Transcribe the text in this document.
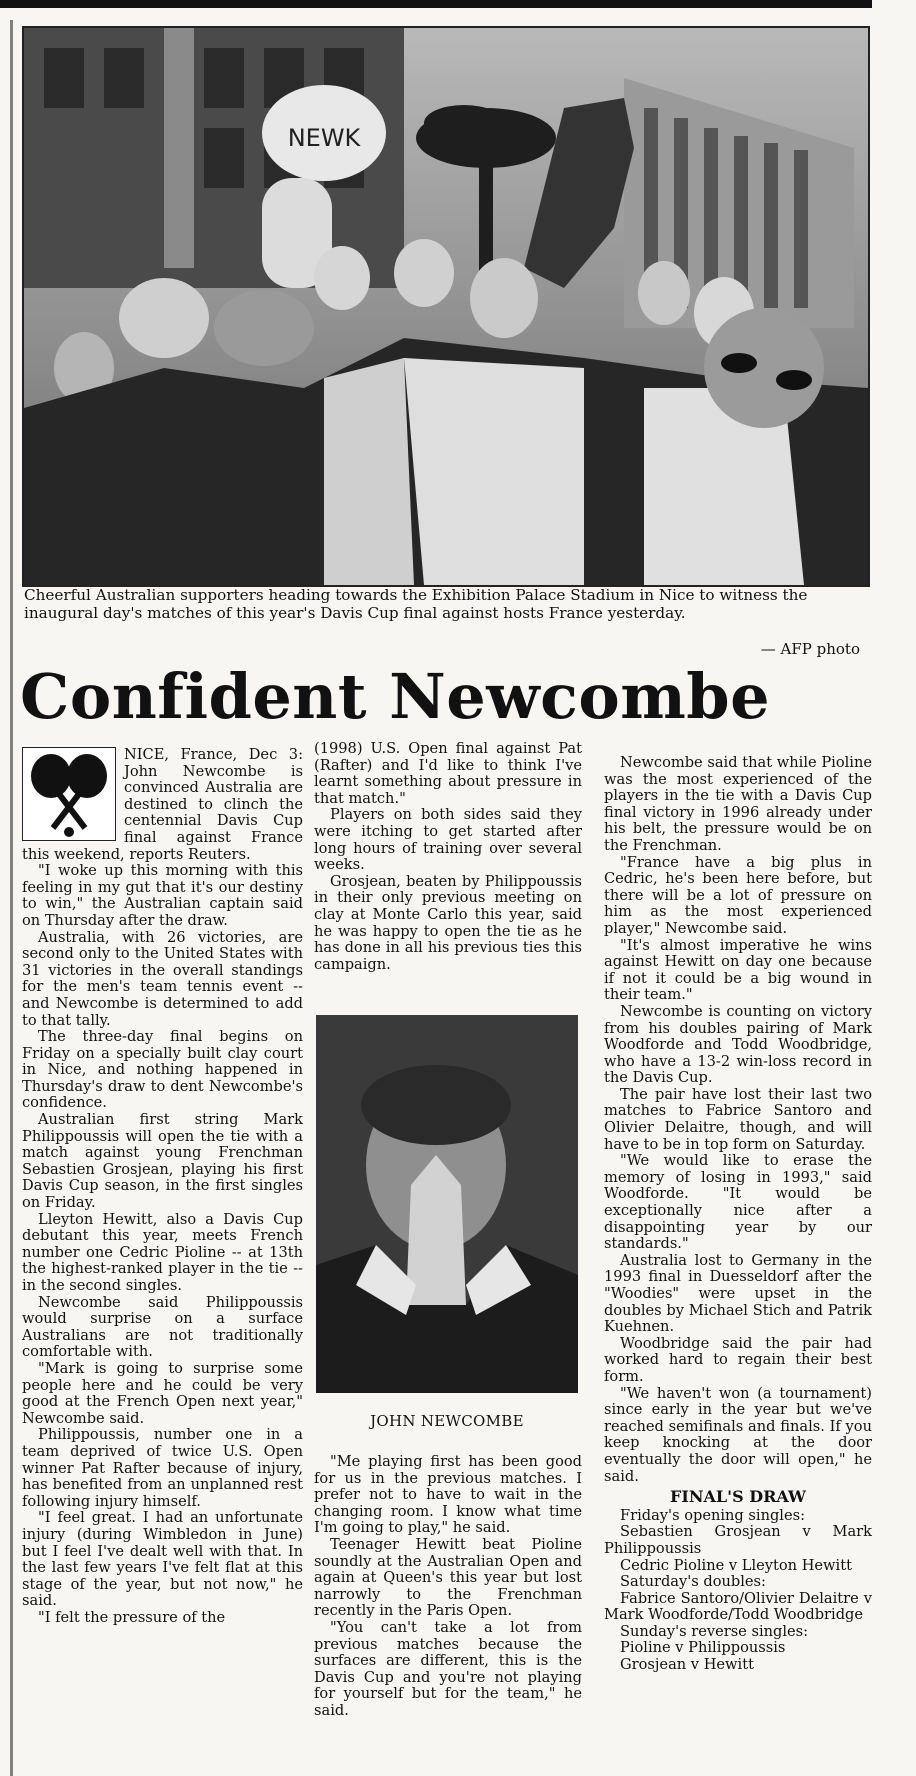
NEWK
Cheerful Australian supporters heading towards the Exhibition Palace Stadium in Nice to witness the inaugural day's matches of this year's Davis Cup final against hosts France yesterday.
— AFP photo
Confident Newcombe

NICE, France, Dec 3: John Newcombe is convinced Australia are destined to clinch the centennial Davis Cup final against France this weekend, reports Reuters.

"I woke up this morning with this feeling in my gut that it's our destiny to win," the Australian captain said on Thursday after the draw.

Australia, with 26 victories, are second only to the United States with 31 victories in the overall standings for the men's team tennis event -- and Newcombe is determined to add to that tally.

The three-day final begins on Friday on a specially built clay court in Nice, and nothing happened in Thursday's draw to dent Newcombe's confidence.

Australian first string Mark Philippoussis will open the tie with a match against young Frenchman Sebastien Grosjean, playing his first Davis Cup season, in the first singles on Friday.

Lleyton Hewitt, also a Davis Cup debutant this year, meets French number one Cedric Pioline -- at 13th the highest-ranked player in the tie -- in the second singles.

Newcombe said Philippoussis would surprise on a surface Australians are not traditionally comfortable with.

"Mark is going to surprise some people here and he could be very good at the French Open next year," Newcombe said.

Philippoussis, number one in a team deprived of twice U.S. Open winner Pat Rafter because of injury, has benefited from an unplanned rest following injury himself.

"I feel great. I had an unfortunate injury (during Wimbledon in June) but I feel I've dealt well with that. In the last few years I've felt flat at this stage of the year, but not now," he said.

"I felt the pressure of the

(1998) U.S. Open final against Pat (Rafter) and I'd like to think I've learnt something about pressure in that match."

Players on both sides said they were itching to get started after long hours of training over several weeks.

Grosjean, beaten by Philippoussis in their only previous meeting on clay at Monte Carlo this year, said he was happy to open the tie as he has done in all his previous ties this campaign.

JOHN NEWCOMBE

"Me playing first has been good for us in the previous matches. I prefer not to have to wait in the changing room. I know what time I'm going to play," he said.

Teenager Hewitt beat Pioline soundly at the Australian Open and again at Queen's this year but lost narrowly to the Frenchman recently in the Paris Open.

"You can't take a lot from previous matches because the surfaces are different, this is the Davis Cup and you're not playing for yourself but for the team," he said.

Newcombe said that while Pioline was the most experienced of the players in the tie with a Davis Cup final victory in 1996 already under his belt, the pressure would be on the Frenchman.

"France have a big plus in Cedric, he's been here before, but there will be a lot of pressure on him as the most experienced player," Newcombe said.

"It's almost imperative he wins against Hewitt on day one because if not it could be a big wound in their team."

Newcombe is counting on victory from his doubles pairing of Mark Woodforde and Todd Woodbridge, who have a 13-2 win-loss record in the Davis Cup.

The pair have lost their last two matches to Fabrice Santoro and Olivier Delaitre, though, and will have to be in top form on Saturday.

"We would like to erase the memory of losing in 1993," said Woodforde. "It would be exceptionally nice after a disappointing year by our standards."

Australia lost to Germany in the 1993 final in Duesseldorf after the "Woodies" were upset in the doubles by Michael Stich and Patrik Kuehnen.

Woodbridge said the pair had worked hard to regain their best form.

"We haven't won (a tournament) since early in the year but we've reached semifinals and finals. If you keep knocking at the door eventually the door will open," he said.

FINAL'S DRAW

Friday's opening singles:

Sebastien Grosjean v Mark Philippoussis

Cedric Pioline v Lleyton Hewitt

Saturday's doubles:

Fabrice Santoro/Olivier Delaitre v Mark Woodforde/Todd Woodbridge

Sunday's reverse singles:

Pioline v Philippoussis

Grosjean v Hewitt
